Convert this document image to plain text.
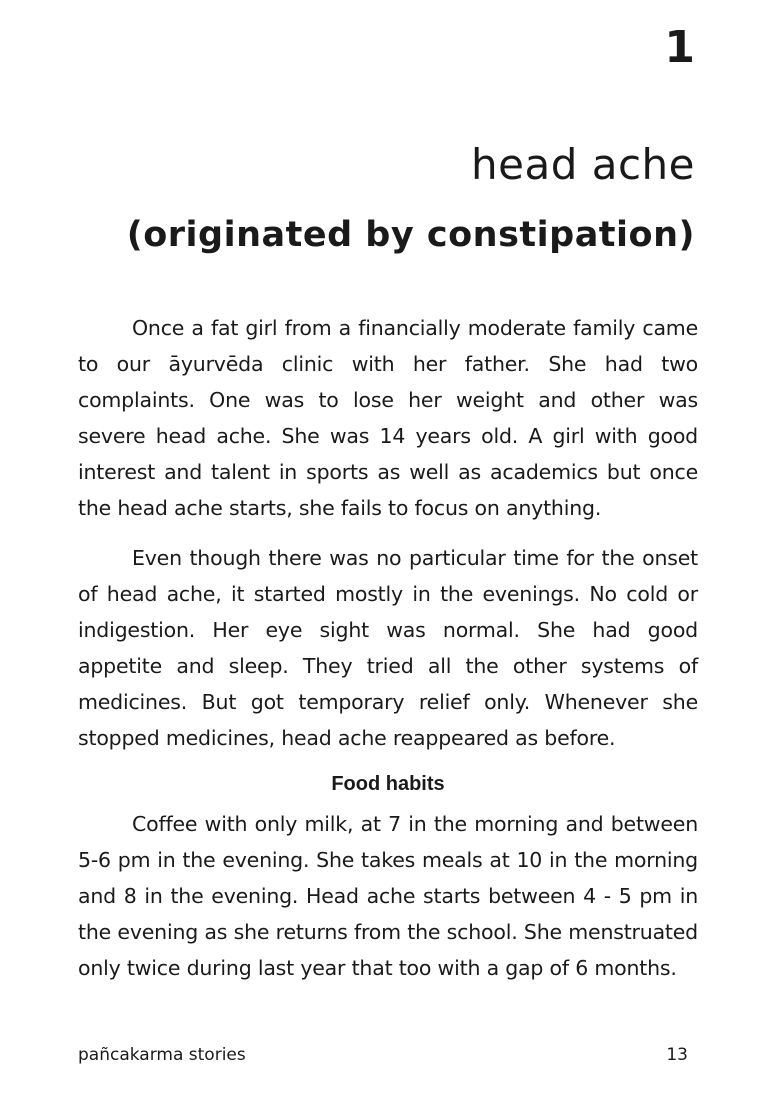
1
head ache
(originated by constipation)

Once a fat girl from a financially moderate family came to our āyurvēda clinic with her father. She had two complaints. One was to lose her weight and other was severe head ache. She was 14 years old. A girl with good interest and talent in sports as well as academics but once the head ache starts, she fails to focus on anything.

Even though there was no particular time for the onset of head ache, it started mostly in the evenings. No cold or indigestion. Her eye sight was normal. She had good appetite and sleep. They tried all the other systems of medicines. But got temporary relief only. Whenever she stopped medicines, head ache reappeared as before.

Food habits

Coffee with only milk, at 7 in the morning and between 5-6 pm in the evening. She takes meals at 10 in the morning and 8 in the evening. Head ache starts between 4 - 5 pm in the evening as she returns from the school. She menstruated only twice during last year that too with a gap of 6 months.

pañcakarma stories	13
